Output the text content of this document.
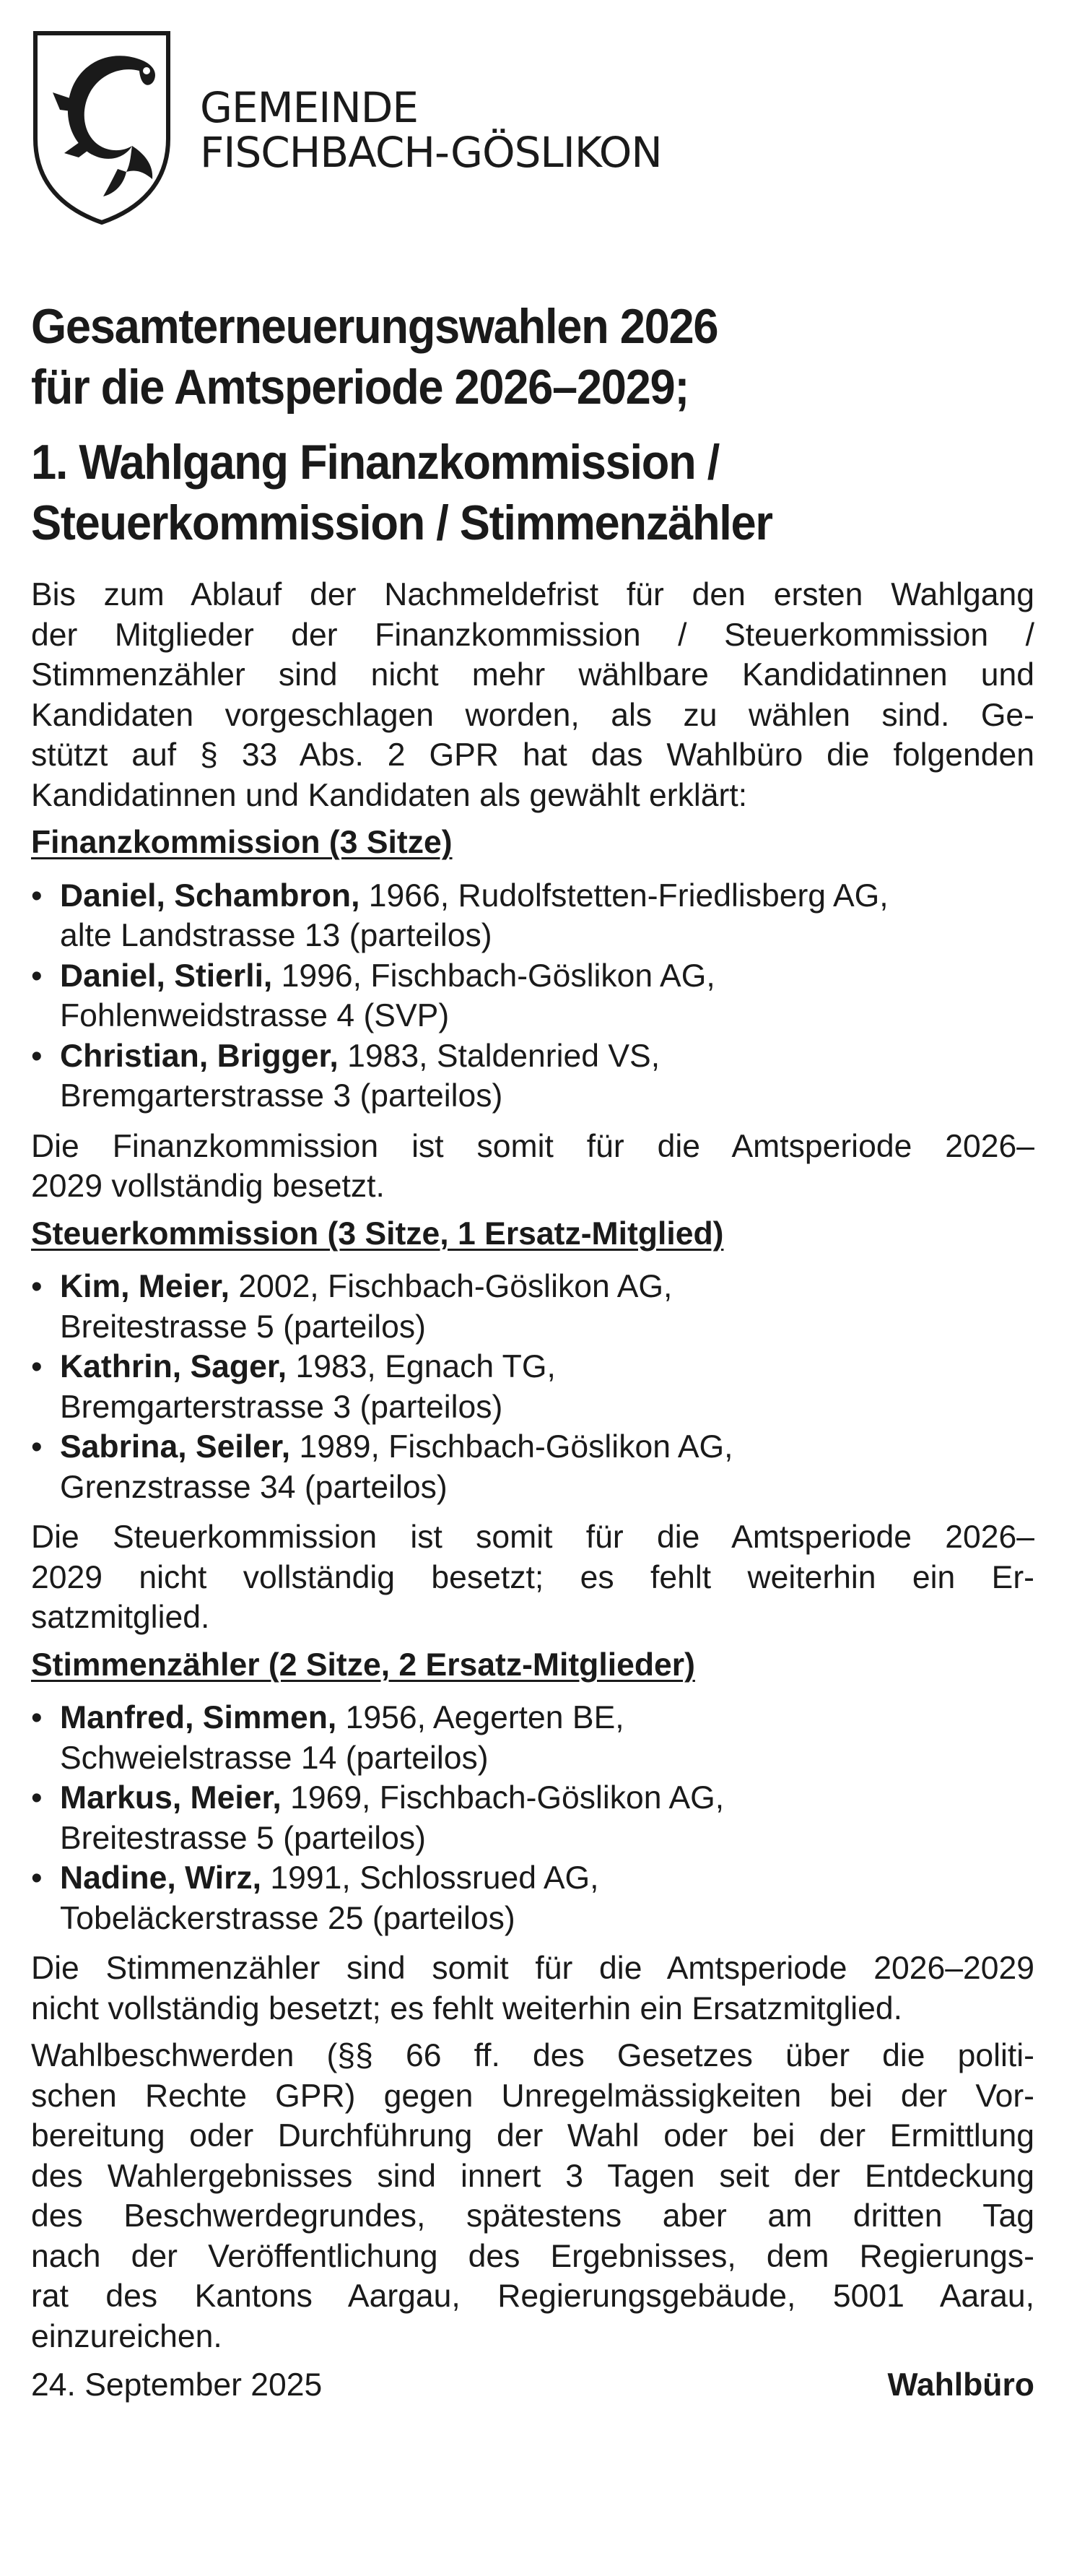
GEMEINDE
FISCHBACH-GÖSLIKON
Gesamterneuerungswahlen 2026
für die Amtsperiode 2026–2029;
1. Wahlgang Finanzkommission /
Steuerkommission / Stimmenzähler
Bis zum Ablauf der Nachmeldefrist für den ersten Wahlgang
der Mitglieder der Finanzkommission / Steuerkommission /
Stimmenzähler sind nicht mehr wählbare Kandidatinnen und
Kandidaten vorgeschlagen worden, als zu wählen sind. Ge-
stützt auf § 33 Abs. 2 GPR hat das Wahlbüro die folgenden
Kandidatinnen und Kandidaten als gewählt erklärt:
Finanzkommission (3 Sitze)
• Daniel, Schambron, 1966, Rudolfstetten-Friedlisberg AG,
alte Landstrasse 13 (parteilos)
• Daniel, Stierli, 1996, Fischbach-Göslikon AG,
Fohlenweidstrasse 4 (SVP)
• Christian, Brigger, 1983, Staldenried VS,
Bremgarterstrasse 3 (parteilos)
Die Finanzkommission ist somit für die Amtsperiode 2026–
2029 vollständig besetzt.
Steuerkommission (3 Sitze, 1 Ersatz-Mitglied)
• Kim, Meier, 2002, Fischbach-Göslikon AG,
Breitestrasse 5 (parteilos)
• Kathrin, Sager, 1983, Egnach TG,
Bremgarterstrasse 3 (parteilos)
• Sabrina, Seiler, 1989, Fischbach-Göslikon AG,
Grenzstrasse 34 (parteilos)
Die Steuerkommission ist somit für die Amtsperiode 2026–
2029 nicht vollständig besetzt; es fehlt weiterhin ein Er-
satzmitglied.
Stimmenzähler (2 Sitze, 2 Ersatz-Mitglieder)
• Manfred, Simmen, 1956, Aegerten BE,
Schweielstrasse 14 (parteilos)
• Markus, Meier, 1969, Fischbach-Göslikon AG,
Breitestrasse 5 (parteilos)
• Nadine, Wirz, 1991, Schlossrued AG,
Tobeläckerstrasse 25 (parteilos)
Die Stimmenzähler sind somit für die Amtsperiode 2026–2029
nicht vollständig besetzt; es fehlt weiterhin ein Ersatzmitglied.
Wahlbeschwerden (§§ 66 ff. des Gesetzes über die politi-
schen Rechte GPR) gegen Unregelmässigkeiten bei der Vor-
bereitung oder Durchführung der Wahl oder bei der Ermittlung
des Wahlergebnisses sind innert 3 Tagen seit der Entdeckung
des Beschwerdegrundes, spätestens aber am dritten Tag
nach der Veröffentlichung des Ergebnisses, dem Regierungs-
rat des Kantons Aargau, Regierungsgebäude, 5001 Aarau,
einzureichen.
24. September 2025	Wahlbüro
